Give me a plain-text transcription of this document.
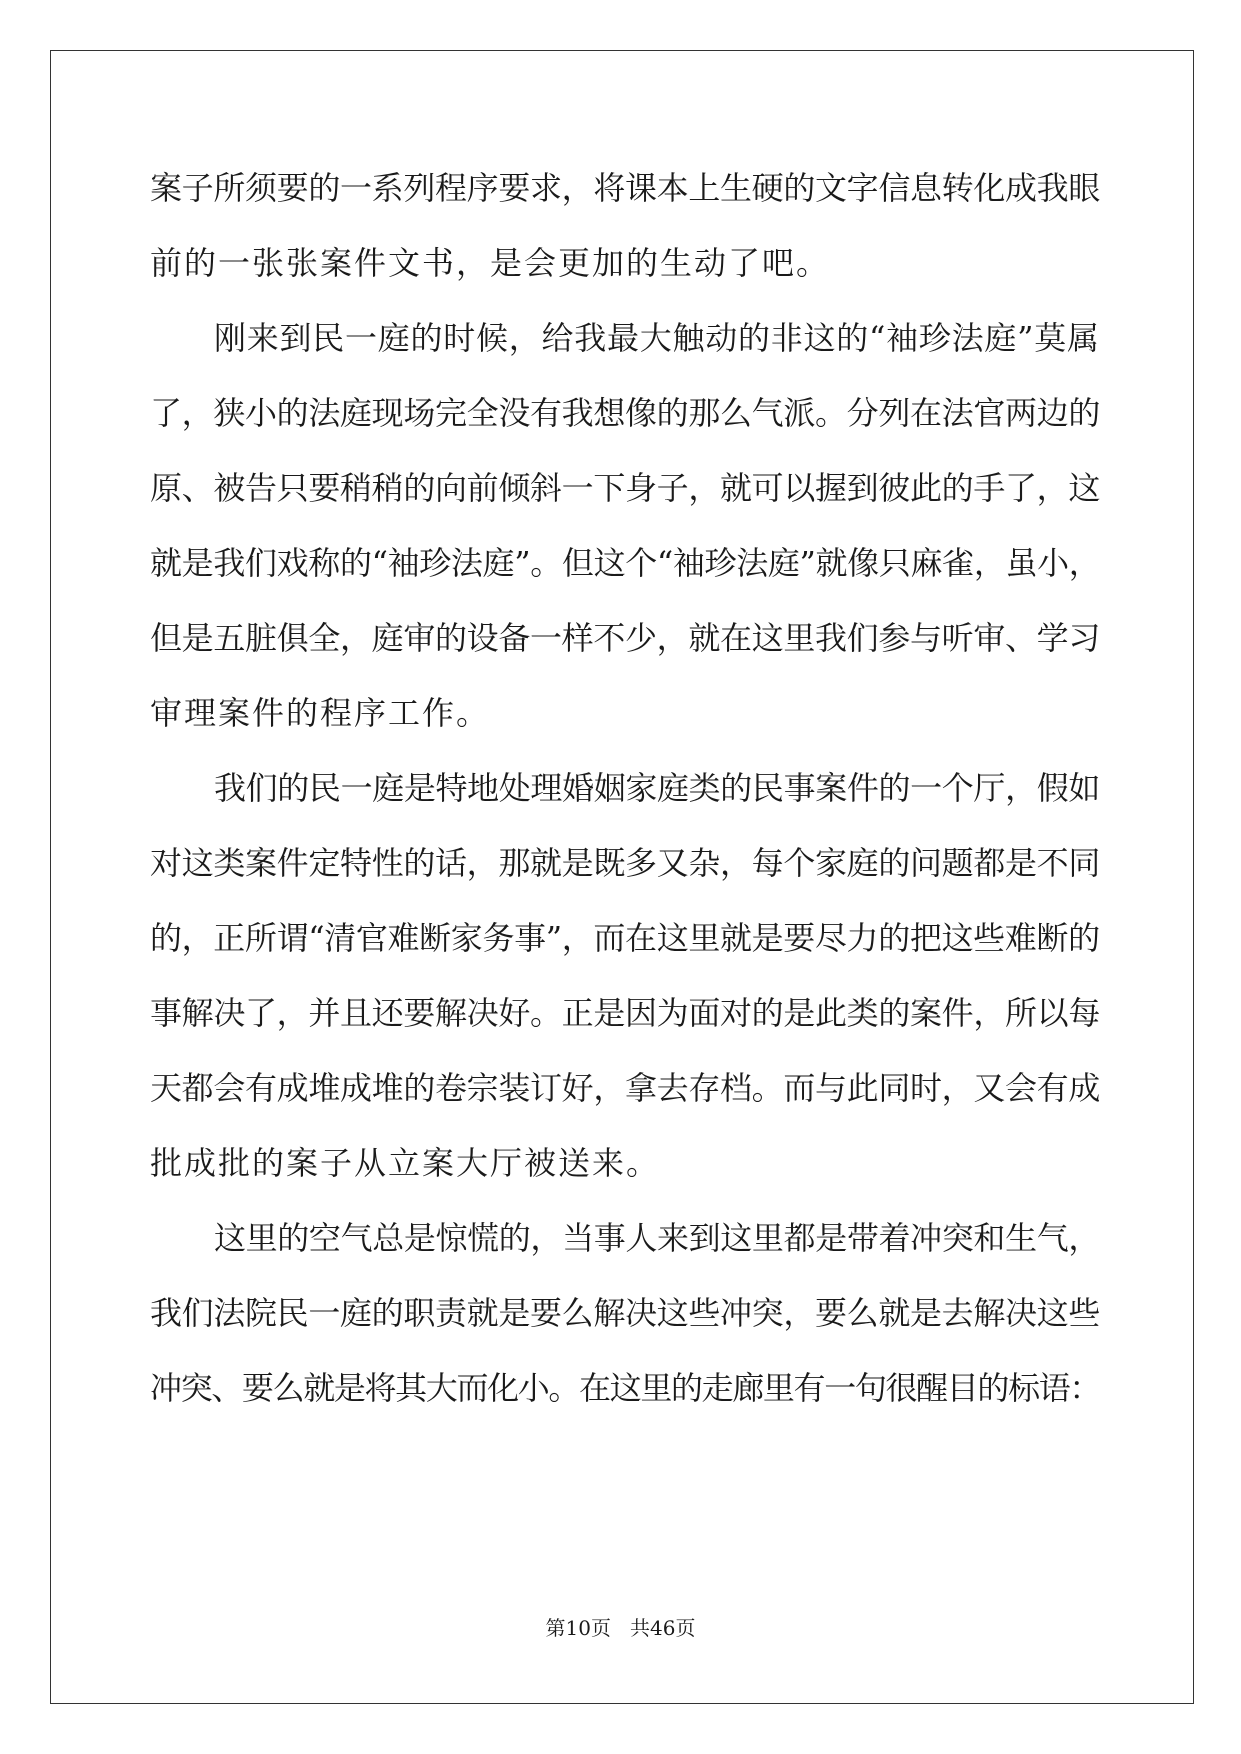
案子所须要的一系列程序要求，将课本上生硬的文字信息转化成我眼
前的一张张案件文书，是会更加的生动了吧。
刚来到民一庭的时候，给我最大触动的非这的“袖珍法庭”莫属
了，狭小的法庭现场完全没有我想像的那么气派。分列在法官两边的
原、被告只要稍稍的向前倾斜一下身子，就可以握到彼此的手了，这
就是我们戏称的“袖珍法庭”。但这个“袖珍法庭”就像只麻雀，虽小，
但是五脏俱全，庭审的设备一样不少，就在这里我们参与听审、学习
审理案件的程序工作。
我们的民一庭是特地处理婚姻家庭类的民事案件的一个厅，假如
对这类案件定特性的话，那就是既多又杂，每个家庭的问题都是不同
的，正所谓“清官难断家务事”，而在这里就是要尽力的把这些难断的
事解决了，并且还要解决好。正是因为面对的是此类的案件，所以每
天都会有成堆成堆的卷宗装订好，拿去存档。而与此同时，又会有成
批成批的案子从立案大厅被送来。
这里的空气总是惊慌的，当事人来到这里都是带着冲突和生气，
我们法院民一庭的职责就是要么解决这些冲突，要么就是去解决这些
冲突、要么就是将其大而化小。在这里的走廊里有一句很醒目的标语：
第10页 共46页
